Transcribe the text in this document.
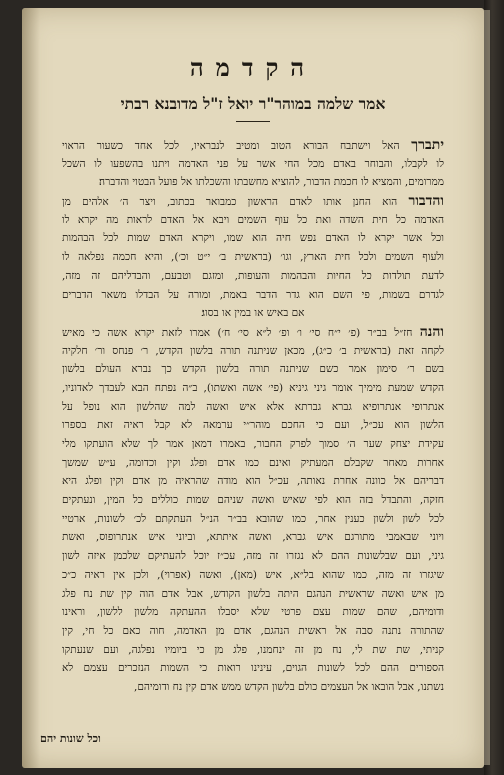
הקדמה
אמר שלמה במוהר"ר יואל ז"ל מדובנא רבתי
יתברך האל וישתבח הבורא הטוב ומטיב לנבראיו, לכל אחד כשעור הראוי
לו לקבלו, והבוחר באדם מכל החי אשר על פני האדמה ויתנו בהשפעו לו השכל
ממרומים, והמציא לו חכמת הדבור, להוציא מחשבתו והשכלתו אל פועל הבטוי והדברה׃
והדבור הוא החנן אותו לאדם הראשון כמבואר בכתוב, ויצר ה׳ אלהים מן
האדמה כל חית השדה ואת כל עוף השמים ויבא אל האדם לראות מה יקרא לו
וכל אשר יקרא לו האדם נפש חיה הוא שמו, ויקרא האדם שמות לכל הבהמות
ולעוף השמים ולכל חית הארץ, וגו׳ (בראשית ב׳ י״ט וכ׳), והיא חכמה נפלאה לו
לדעת תולדות כל החיות והבהמות והעופות, ומזגם וטבעם, והבדליהם זה מזה,
לגדרם בשמות, פי השם הוא גדר הדבר באמת, ומורה על הבדלו משאר הדברים
אם באיש או במין או בסוג׃
והנה חז״ל בב״ר (פ׳ י״ח סי׳ ו׳ ופ׳ ל״א סי׳ ח׳) אמרו לזאת יקרא אשה כי מאיש
לקחה זאת (בראשית ב׳ כ״ג), מכאן שניתנה תורה בלשון הקדש, ר׳ פנחס ור׳ חלקיה
בשם ר׳ סימון אמר כשם שניתנה תורה בלשון הקדש כך נברא העולם בלשון
הקדש שמעת מימיך אומר גיני גיניא (פי׳ אשה ואשתו), ב״ה נפתח הבא לעבדך לאדוניו,
אנתרופי אנתרופיא גברא גברתא אלא איש ואשה למה שהלשון הוא נופל על
הלשון הוא עכ״ל, ועם כי החכם מוהר״י ערמאה לא קבל ראיה זאת בספרו
עקידת יצחק שער ה׳ סמוך לפרק החבור, באמרו דמאן אמר לך שלא הועתקו מלי
אחרות מאחר שקבלם המעתיק ואינם כמו אדם ופלג וקין וכדומה, ע״ש שמשך
דבריהם אל כוונה אחרת נאותה, עכ״ל הוא מודה שהראיה מן אדם וקין ופלג היא
חזקה, והתבדל בזה הוא לפי שאיש ואשה שניהם שמות כוללים כל המין, ונעתקים
לכל לשון ולשון כענין אחר, כמו שהובא בב״ר הנ״ל העתקתם לכ׳ לשונות, ארטיי
ויוני שבאמבי מתורגם איש גברא, ואשה איתתא, וביוני איש אנתרופוס, ואשת
גיני, ועם שבלשונות ההם לא נגזרו זה מזה, עכ״ז יוכל להעתיקם שלכמן איזה לשון
שיגזרו זה מזה, כמו שהוא בל״א, איש (מאן), ואשה (אפרוי), ולכן אין ראיה כ״כ
מן איש ואשה שראשית הנהגם היתה בלשון הקודש, אבל אדם הוה קין שת נח פלג
ודומיהם, שהם שמות עצם פרטי שלא יסבלו ההעתקה מלשון ללשון, וראינו
שהתורה נתנה סבה אל ראשית הנהגם, אדם מן האדמה, חוה כאם כל חי, קין
קניתי, שת שת לי, נח מן זה ינחמנו, פלג מן כי ביומיו נפלגה, ועם שנעתקו
הספורים ההם לכל לשונות הגוים, עינינו רואות כי השמות הנזכרים עצמם לא
נשתנו, אבל הובאו אל העצמים כולם בלשון הקדש ממש אדם קין נח ודומיהם,
וכל שונות יהם
